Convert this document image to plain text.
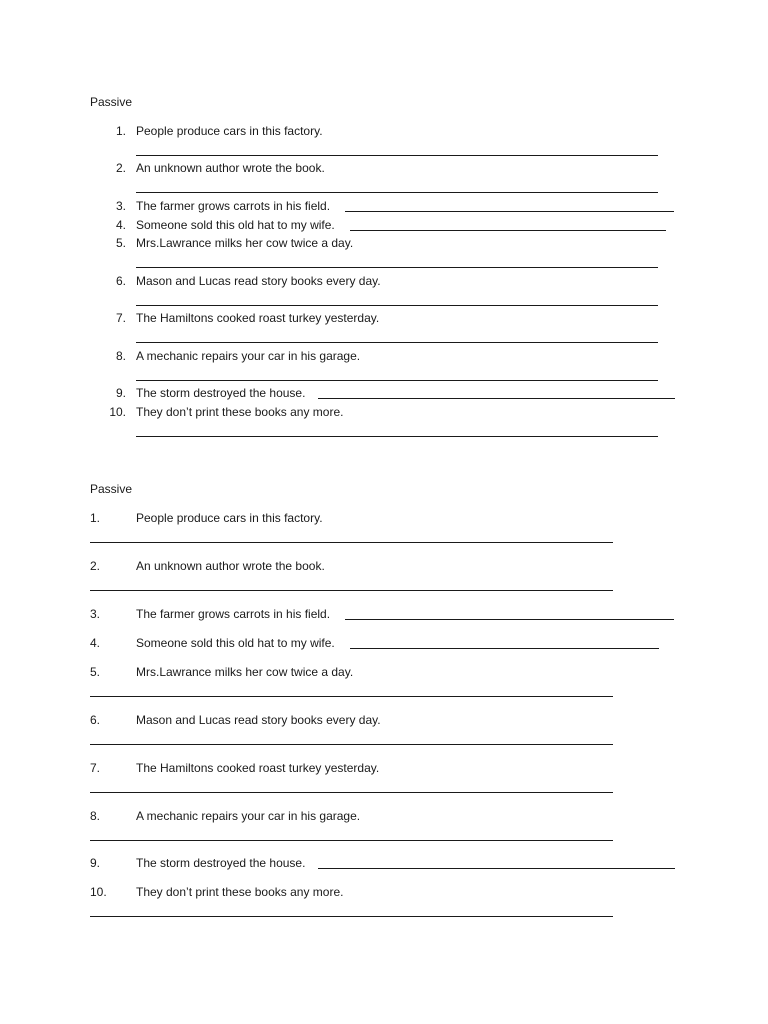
Passive
1. People produce cars in this factory.
2. An unknown author wrote the book.
3. The farmer grows carrots in his field.
4. Someone sold this old hat to my wife.
5. Mrs.Lawrance milks her cow twice a day.
6. Mason and Lucas read story books every day.
7. The Hamiltons cooked roast turkey yesterday.
8. A mechanic repairs your car in his garage.
9. The storm destroyed the house.
10. They don’t print these books any more.
Passive
1.	People produce cars in this factory.
2.	An unknown author wrote the book.
3.	The farmer grows carrots in his field.
4.	Someone sold this old hat to my wife.
5.	Mrs.Lawrance milks her cow twice a day.
6.	Mason and Lucas read story books every day.
7.	The Hamiltons cooked roast turkey yesterday.
8.	A mechanic repairs your car in his garage.
9.	The storm destroyed the house.
10. They don’t print these books any more.
